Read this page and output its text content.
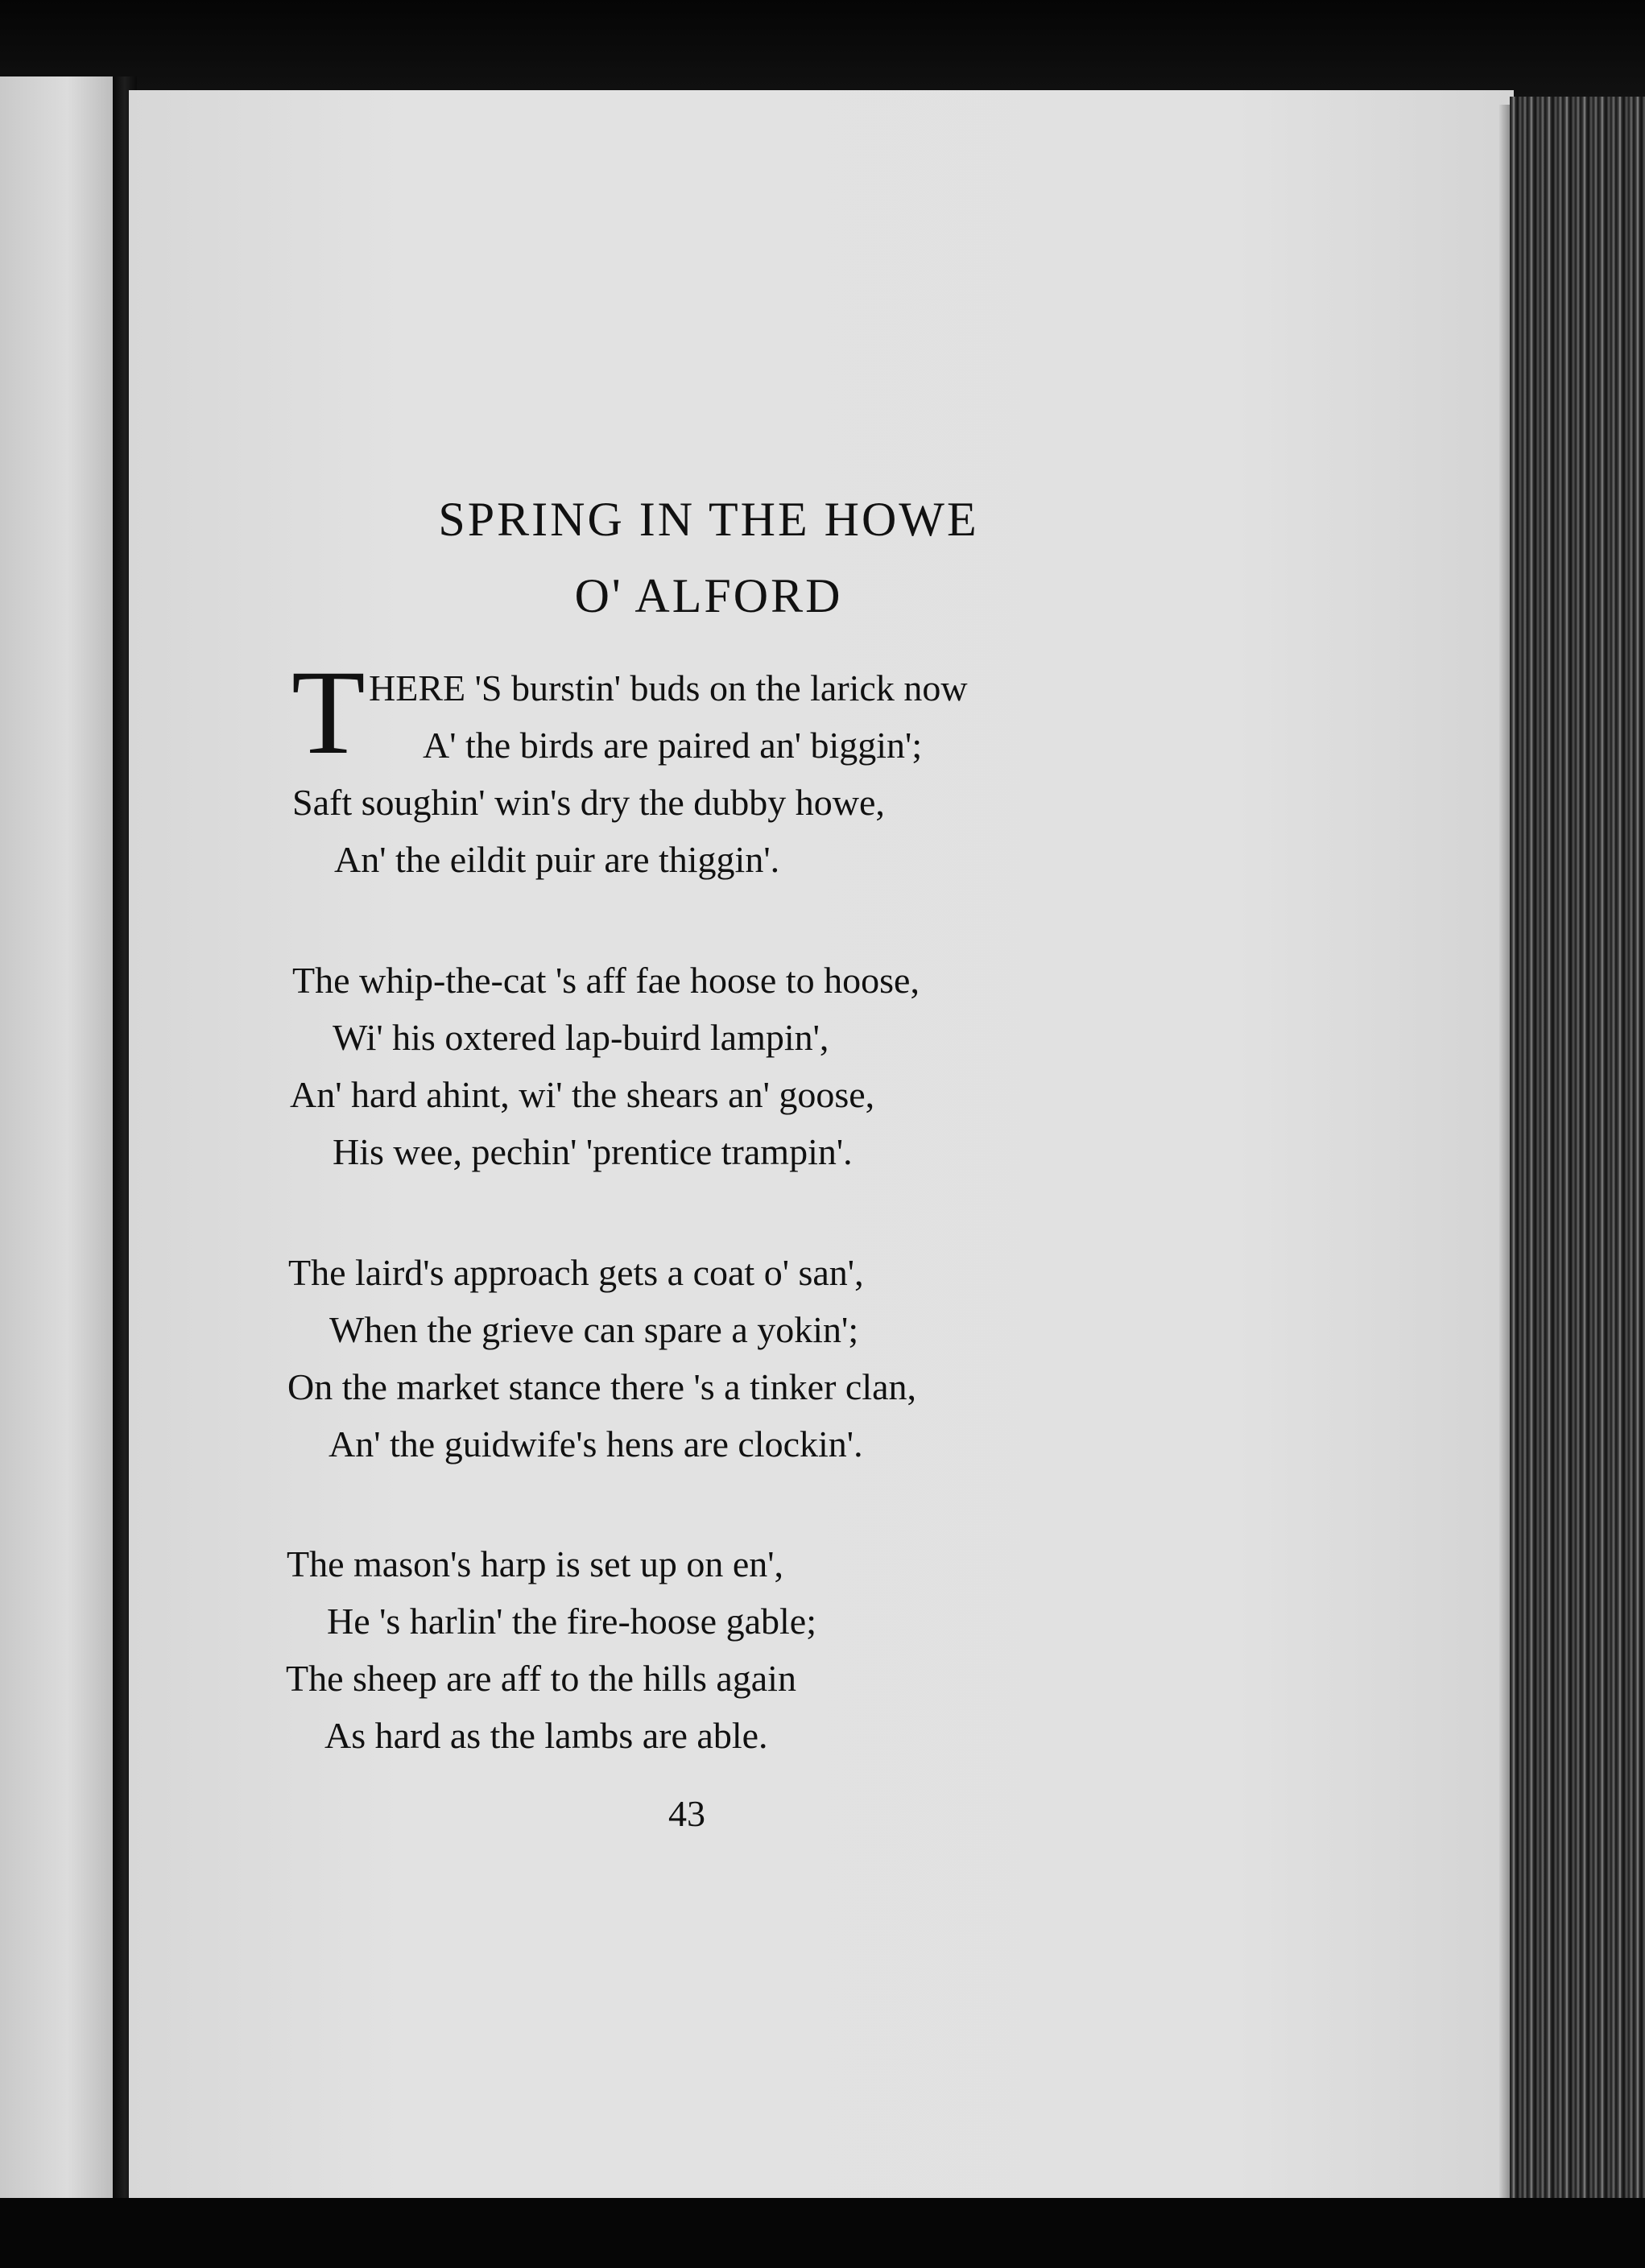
SPRING IN THE HOWE
O' ALFORD
T HERE 'S burstin' buds on the larick now
A' the birds are paired an' biggin';
Saft soughin' win's dry the dubby howe,
An' the eildit puir are thiggin'.
The whip-the-cat 's aff fae hoose to hoose,
Wi' his oxtered lap-buird lampin',
An' hard ahint, wi' the shears an' goose,
His wee, pechin' 'prentice trampin'.
The laird's approach gets a coat o' san',
When the grieve can spare a yokin';
On the market stance there 's a tinker clan,
An' the guidwife's hens are clockin'.
The mason's harp is set up on en',
He 's harlin' the fire-hoose gable;
The sheep are aff to the hills again
As hard as the lambs are able.
43
